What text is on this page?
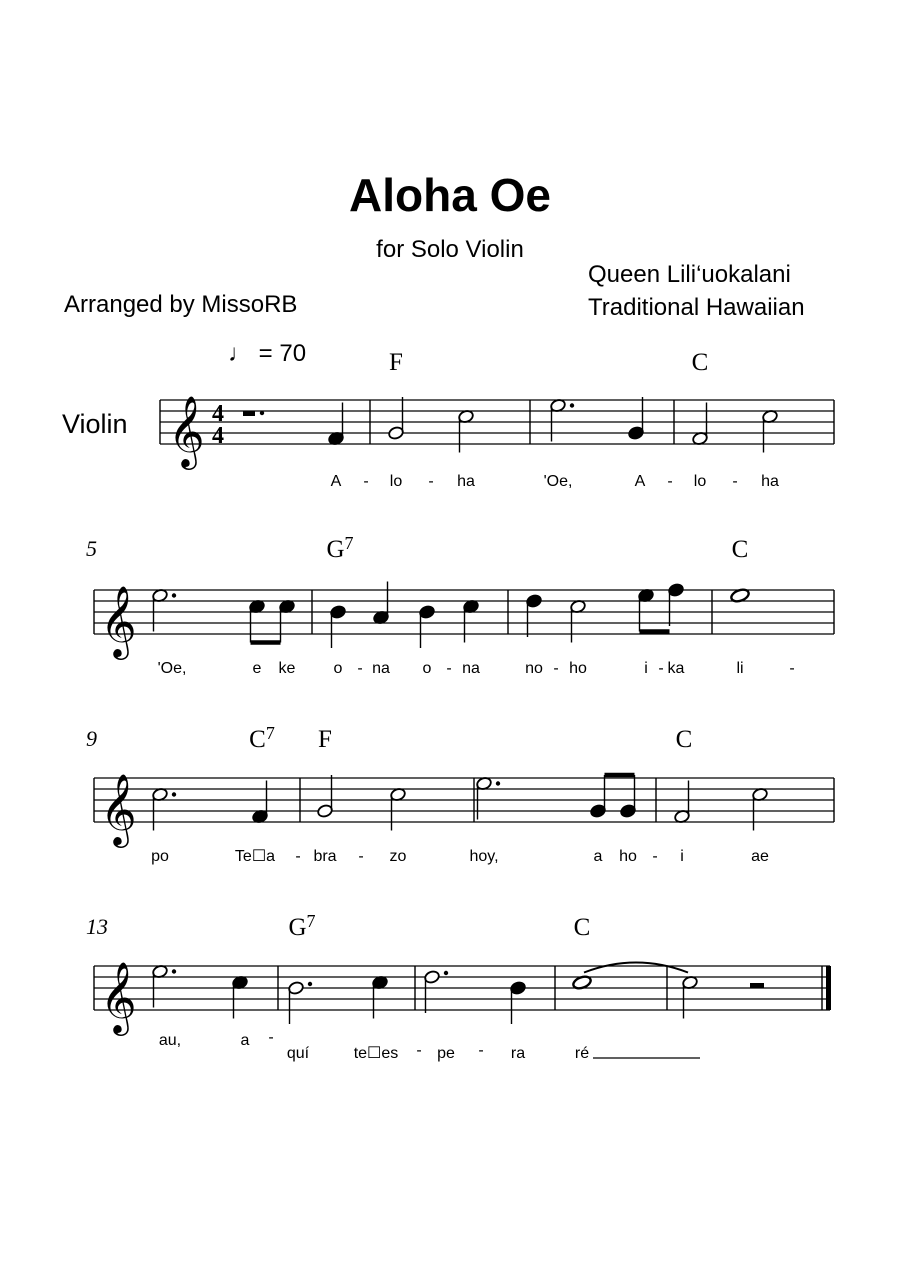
Aloha Oe
for Solo Violin
Queen Lili‘uokalani
Traditional Hawaiian
Arranged by MissoRB
♩ = 70
Violin 𝄞 4
4
𝄞
𝄞
𝄞
F	C
$G^7$	C
5
$C^7$ F	C
9
$G^7$	C
13
A - lo - ha	'Oe,	A - lo - ha
'Oe,	e ke o - na o - na	no - ho	i - ka	li	-
po	Te☐a - bra - zo	hoy,	a ho - i	ae
au,	a -
quí	te☐es - pe - ra	ré
